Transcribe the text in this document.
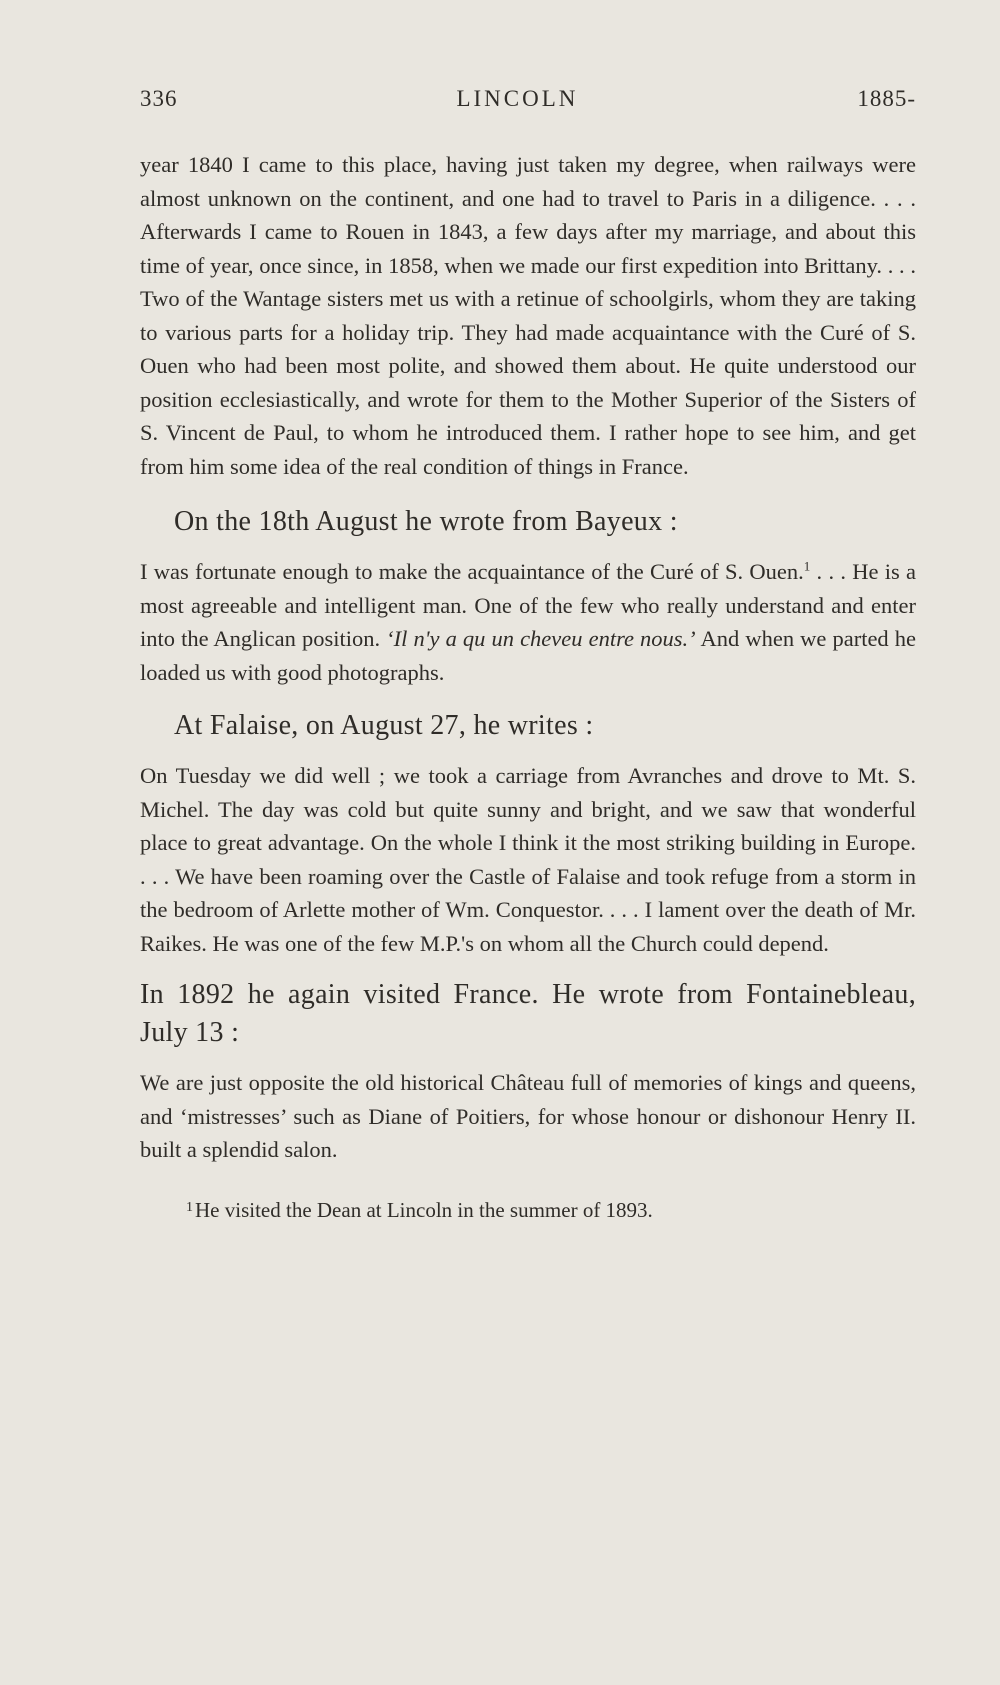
336	LINCOLN	1885-

year 1840 I came to this place, having just taken my degree, when railways were almost unknown on the continent, and one had to travel to Paris in a diligence. . . . Afterwards I came to Rouen in 1843, a few days after my marriage, and about this time of year, once since, in 1858, when we made our first expedition into Brittany. . . . Two of the Wantage sisters met us with a retinue of schoolgirls, whom they are taking to various parts for a holiday trip. They had made acquaintance with the Curé of S. Ouen who had been most polite, and showed them about. He quite understood our position ecclesiastically, and wrote for them to the Mother Superior of the Sisters of S. Vincent de Paul, to whom he introduced them. I rather hope to see him, and get from him some idea of the real condition of things in France.

On the 18th August he wrote from Bayeux :

I was fortunate enough to make the acquaintance of the Curé of S. Ouen.$^1$ . . . He is a most agreeable and intelligent man. One of the few who really understand and enter into the Anglican position. ‘Il n'y a qu un cheveu entre nous.’ And when we parted he loaded us with good photographs.

At Falaise, on August 27, he writes :

On Tuesday we did well ; we took a carriage from Avranches and drove to Mt. S. Michel. The day was cold but quite sunny and bright, and we saw that wonderful place to great advantage. On the whole I think it the most striking building in Europe. . . . We have been roaming over the Castle of Falaise and took refuge from a storm in the bedroom of Arlette mother of Wm. Conquestor. . . . I lament over the death of Mr. Raikes. He was one of the few M.P.'s on whom all the Church could depend.

In 1892 he again visited France. He wrote from Fontainebleau, July 13 :

We are just opposite the old historical Château full of memories of kings and queens, and ‘mistresses’ such as Diane of Poitiers, for whose honour or dishonour Henry II. built a splendid salon.

$^1$He visited the Dean at Lincoln in the summer of 1893.
